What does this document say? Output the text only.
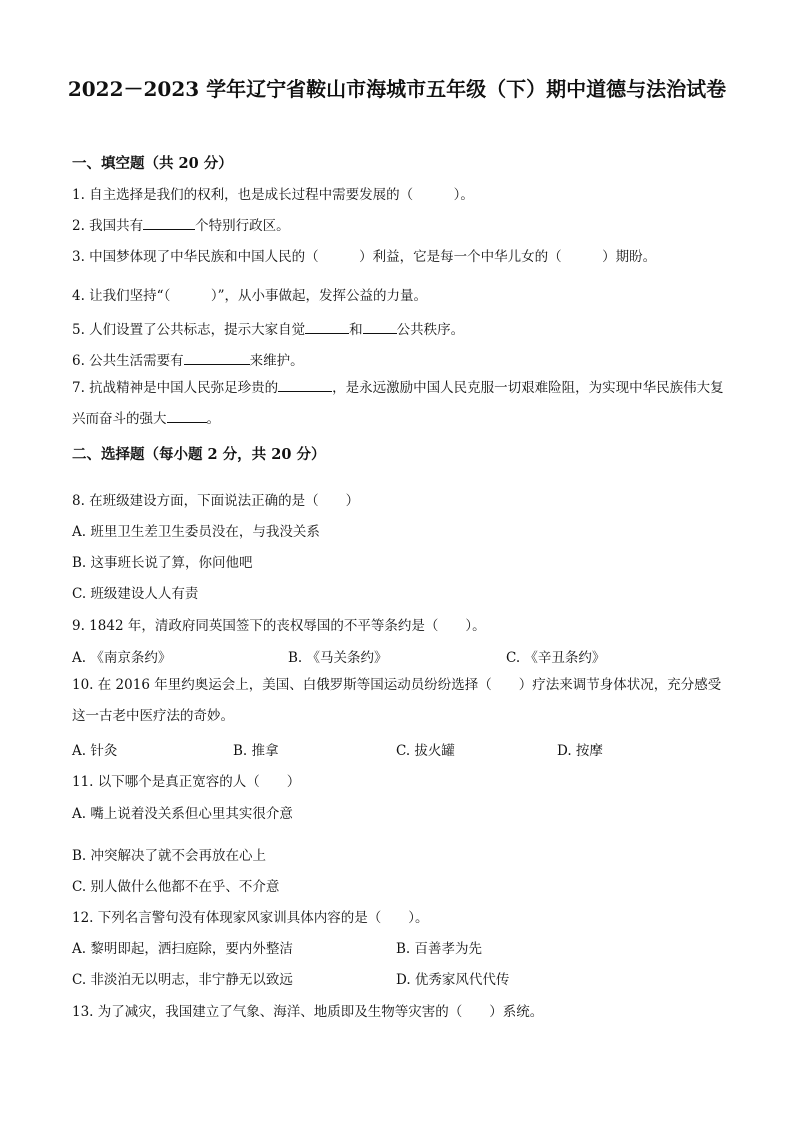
2022－2023 学年辽宁省鞍山市海城市五年级（下）期中道德与法治试卷
一、填空题（共 20 分）
1. 自主选择是我们的权利，也是成长过程中需要发展的（　　　）。
2. 我国共有	个特别行政区。
3. 中国梦体现了中华民族和中国人民的（　　　）利益，它是每一个中华儿女的（　　　）期盼。
4. 让我们坚持“（　　　）”，从小事做起，发挥公益的力量。
5. 人们设置了公共标志，提示大家自觉	和	公共秩序。
6. 公共生活需要有	来维护。
7. 抗战精神是中国人民弥足珍贵的	，是永远激励中国人民克服一切艰难险阻，为实现中华民族伟大复兴而奋斗的强大	。
二、选择题（每小题 2 分，共 20 分）
8. 在班级建设方面，下面说法正确的是（　　）
A. 班里卫生差卫生委员没在，与我没关系
B. 这事班长说了算，你问他吧
C. 班级建设人人有责
9. 1842 年，清政府同英国签下的丧权辱国的不平等条约是（　　）。
A. 《南京条约》	B. 《马关条约》	C. 《辛丑条约》
10. 在 2016 年里约奥运会上，美国、白俄罗斯等国运动员纷纷选择（　　）疗法来调节身体状况，充分感受这一古老中医疗法的奇妙。
A. 针灸	B. 推拿	C. 拔火罐	D. 按摩
11. 以下哪个是真正宽容的人（　　）
A. 嘴上说着没关系但心里其实很介意
B. 冲突解决了就不会再放在心上
C. 别人做什么他都不在乎、不介意
12. 下列名言警句没有体现家风家训具体内容的是（　　）。
A. 黎明即起，洒扫庭除，要内外整洁	B. 百善孝为先
C. 非淡泊无以明志，非宁静无以致远	D. 优秀家风代代传
13. 为了减灾，我国建立了气象、海洋、地质即及生物等灾害的（　　）系统。
